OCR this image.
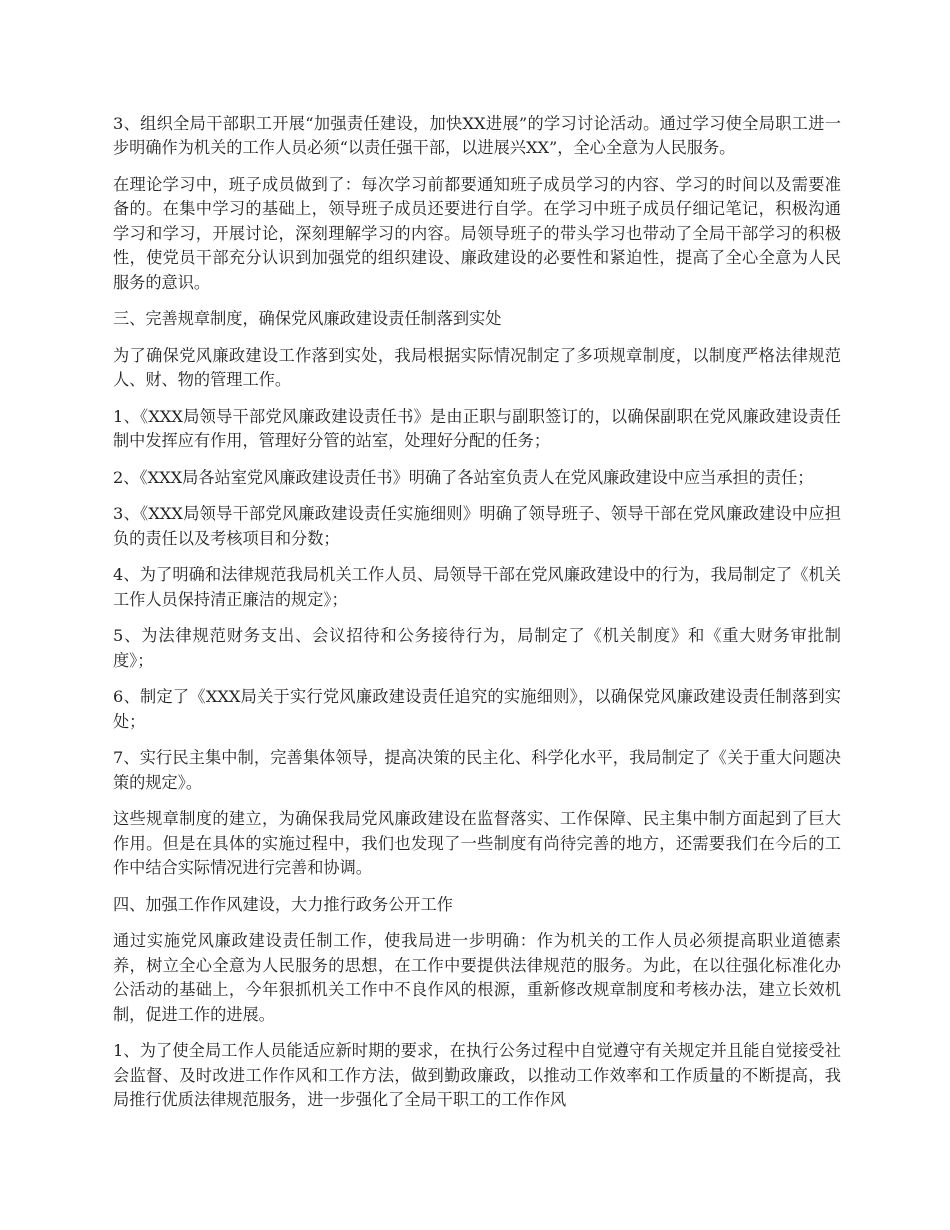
3、组织全局干部职工开展“加强责任建设，加快XX进展”的学习讨论活动。通过学习使全局职工进一步明确作为机关的工作人员必须“以责任强干部，以进展兴XX”，全心全意为人民服务。

在理论学习中，班子成员做到了：每次学习前都要通知班子成员学习的内容、学习的时间以及需要准备的。在集中学习的基础上，领导班子成员还要进行自学。在学习中班子成员仔细记笔记，积极沟通学习和学习，开展讨论，深刻理解学习的内容。局领导班子的带头学习也带动了全局干部学习的积极性，使党员干部充分认识到加强党的组织建设、廉政建设的必要性和紧迫性，提高了全心全意为人民服务的意识。

三、完善规章制度，确保党风廉政建设责任制落到实处

为了确保党风廉政建设工作落到实处，我局根据实际情况制定了多项规章制度，以制度严格法律规范人、财、物的管理工作。

1、《XXX局领导干部党风廉政建设责任书》是由正职与副职签订的，以确保副职在党风廉政建设责任制中发挥应有作用，管理好分管的站室，处理好分配的任务；

2、《XXX局各站室党风廉政建设责任书》明确了各站室负责人在党风廉政建设中应当承担的责任；

3、《XXX局领导干部党风廉政建设责任实施细则》明确了领导班子、领导干部在党风廉政建设中应担负的责任以及考核项目和分数；

4、为了明确和法律规范我局机关工作人员、局领导干部在党风廉政建设中的行为，我局制定了《机关工作人员保持清正廉洁的规定》；

5、为法律规范财务支出、会议招待和公务接待行为，局制定了《机关制度》和《重大财务审批制度》；

6、制定了《XXX局关于实行党风廉政建设责任追究的实施细则》，以确保党风廉政建设责任制落到实处；

7、实行民主集中制，完善集体领导，提高决策的民主化、科学化水平，我局制定了《关于重大问题决策的规定》。

这些规章制度的建立，为确保我局党风廉政建设在监督落实、工作保障、民主集中制方面起到了巨大作用。但是在具体的实施过程中，我们也发现了一些制度有尚待完善的地方，还需要我们在今后的工作中结合实际情况进行完善和协调。

四、加强工作作风建设，大力推行政务公开工作

通过实施党风廉政建设责任制工作，使我局进一步明确：作为机关的工作人员必须提高职业道德素养，树立全心全意为人民服务的思想，在工作中要提供法律规范的服务。为此，在以往强化标准化办公活动的基础上，今年狠抓机关工作中不良作风的根源，重新修改规章制度和考核办法，建立长效机制，促进工作的进展。

1、为了使全局工作人员能适应新时期的要求，在执行公务过程中自觉遵守有关规定并且能自觉接受社会监督、及时改进工作作风和工作方法，做到勤政廉政，以推动工作效率和工作质量的不断提高，我局推行优质法律规范服务，进一步强化了全局干职工的工作作风
